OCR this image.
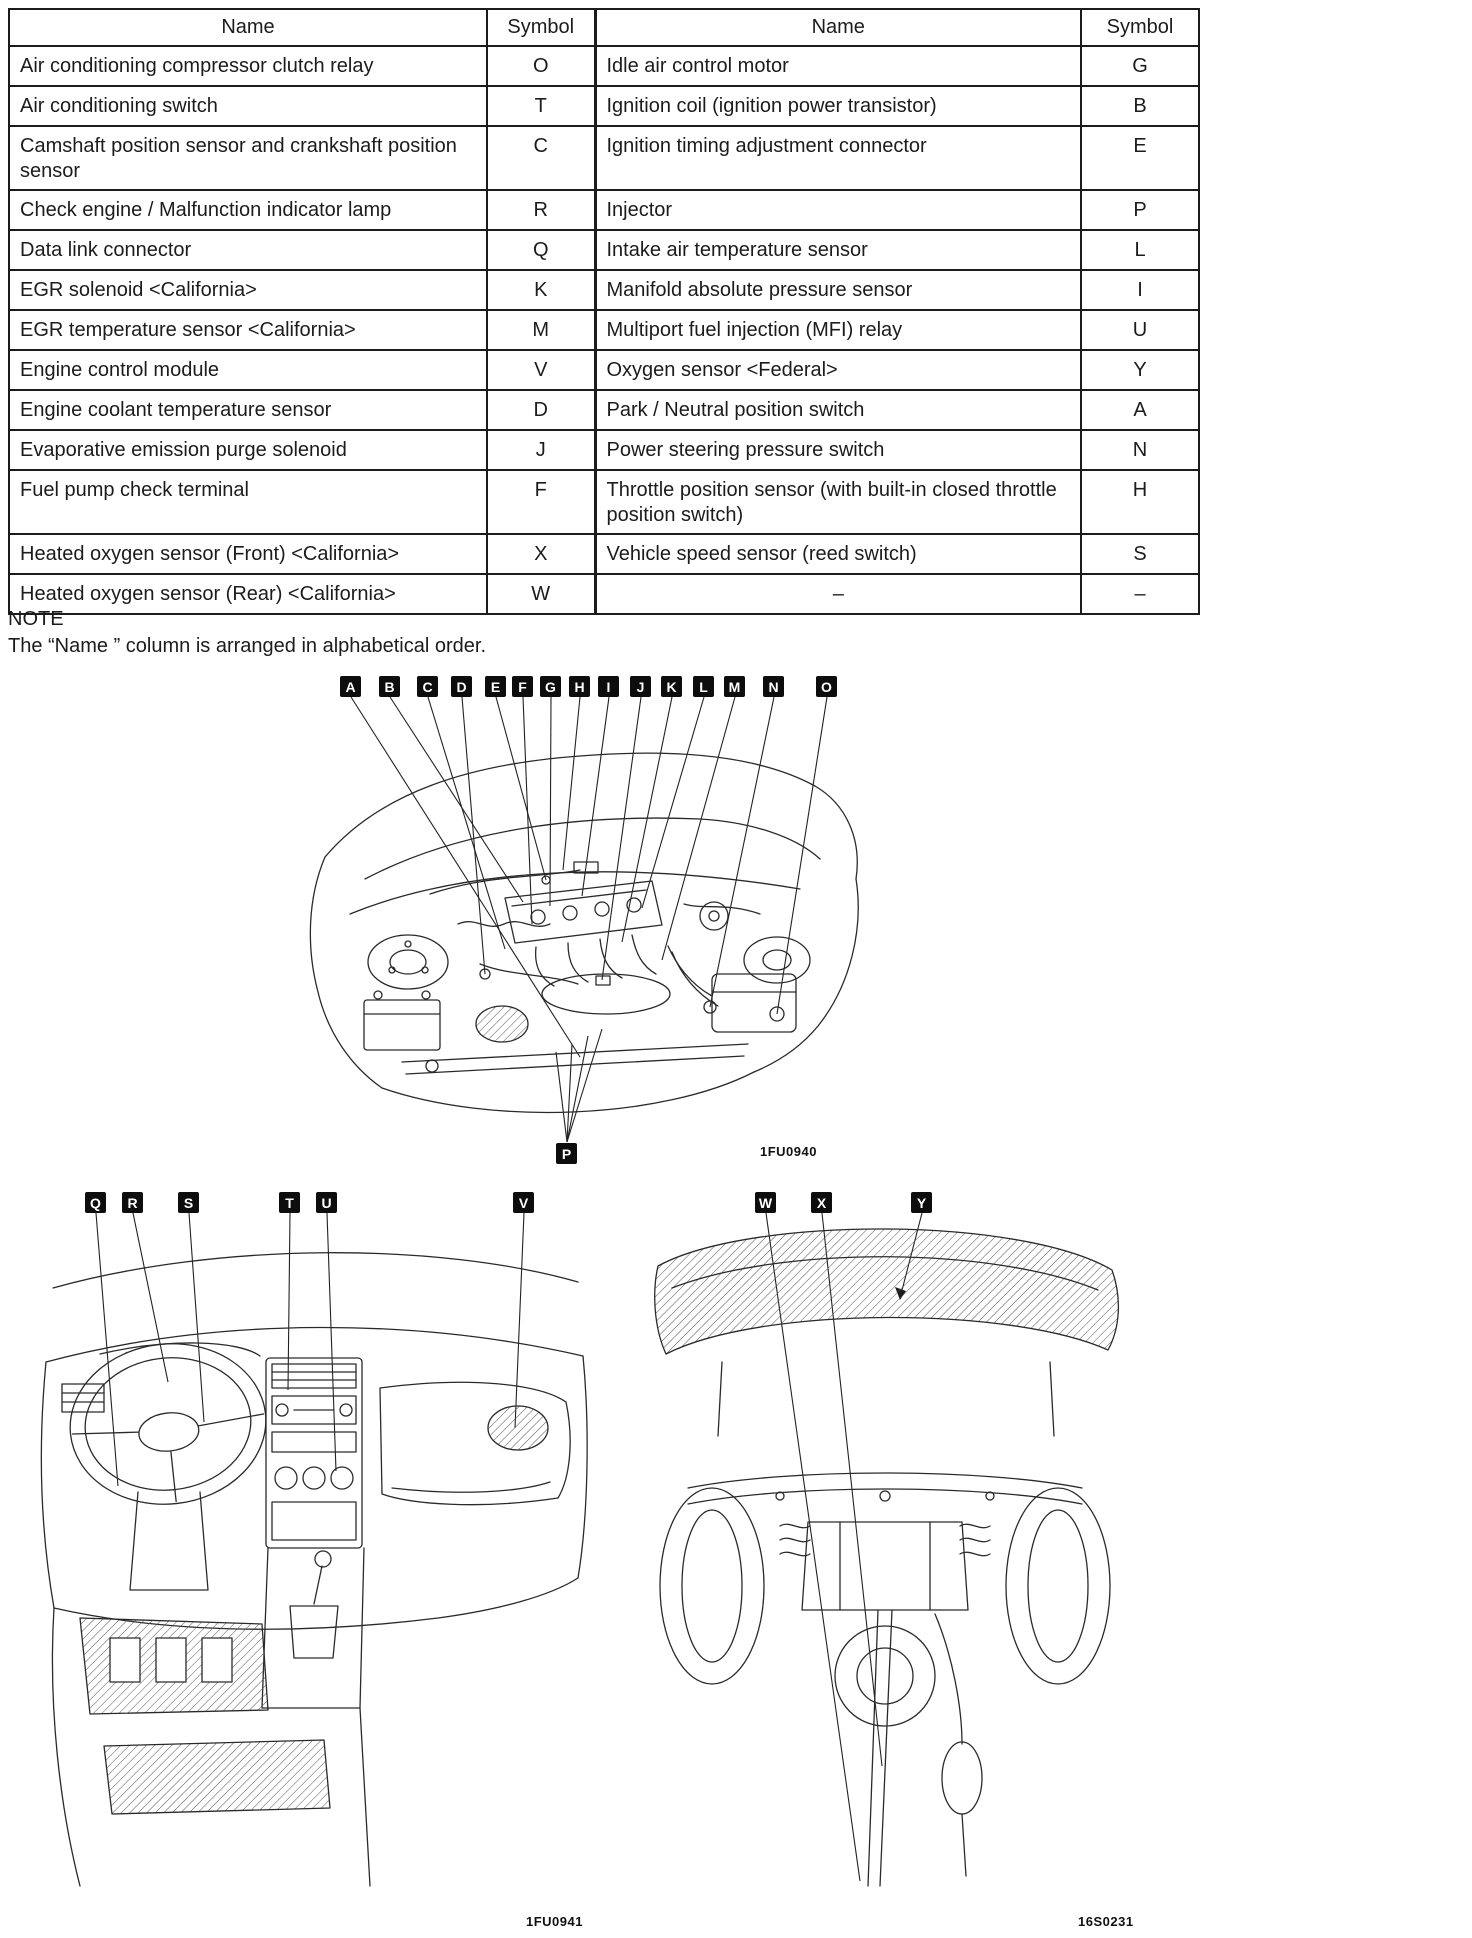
Name	Symbol	Name	Symbol
Air conditioning compressor clutch relay	O	Idle air control motor	G
Air conditioning switch	T	Ignition coil (ignition power transistor)	B
Camshaft position sensor and crankshaft position sensor	C	Ignition timing adjustment connector	E
Check engine / Malfunction indicator lamp	R	Injector	P
Data link connector	Q	Intake air temperature sensor	L
EGR solenoid <California>	K	Manifold absolute pressure sensor	I
EGR temperature sensor <California>	M	Multiport fuel injection (MFI) relay	U
Engine control module	V	Oxygen sensor <Federal>	Y
Engine coolant temperature sensor	D	Park / Neutral position switch	A
Evaporative emission purge solenoid	J	Power steering pressure switch	N
Fuel pump check terminal	F	Throttle position sensor (with built-in closed throttle position switch)	H
Heated oxygen sensor (Front) <California>	X	Vehicle speed sensor (reed switch)	S
Heated oxygen sensor (Rear) <California>	W	–	–
NOTE
The “Name ” column is arranged in alphabetical order.
A	B	C	D	E	F	G	H	I	J	K	L	M	N	O
P	1FU0940
Q	R	S	T	U	V
1FU0941
W	X	Y
16S0231
